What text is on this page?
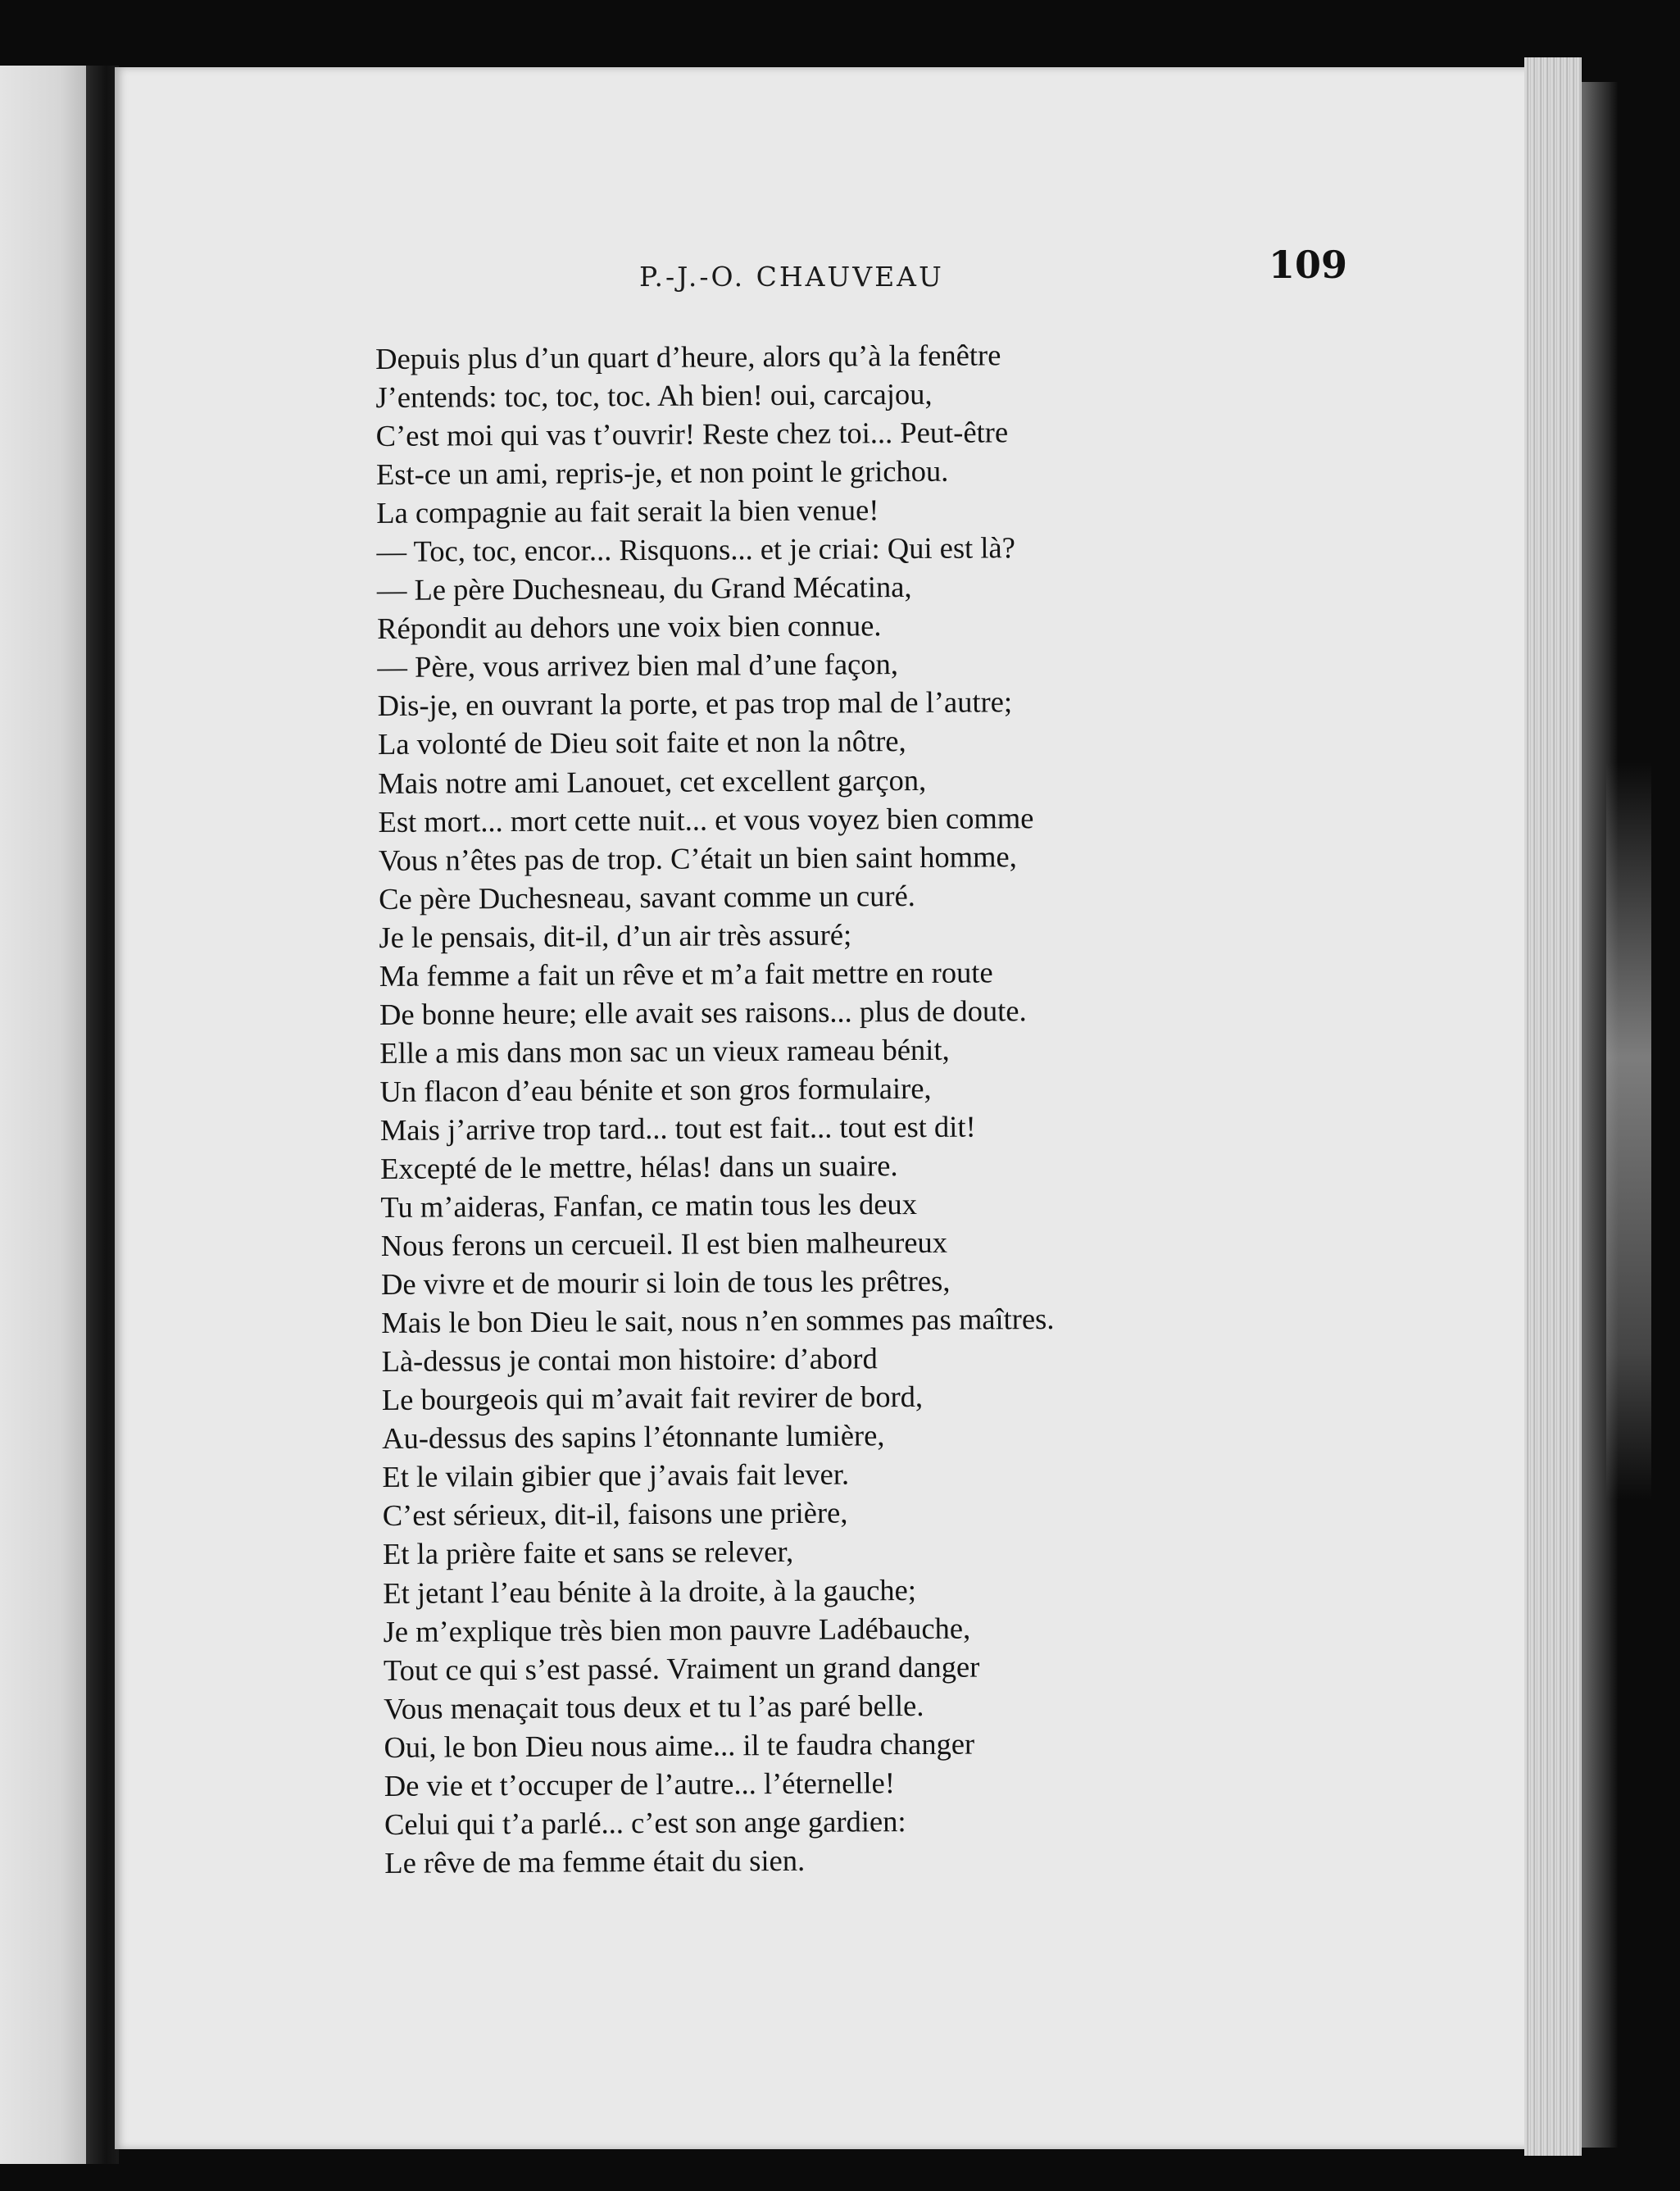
P.-J.-O. CHAUVEAU	109
Depuis plus d’un quart d’heure, alors qu’à la fenêtre
J’entends: toc, toc, toc. Ah bien! oui, carcajou,
C’est moi qui vas t’ouvrir! Reste chez toi... Peut-être
Est-ce un ami, repris-je, et non point le grichou.
La compagnie au fait serait la bien venue!
— Toc, toc, encor... Risquons... et je criai: Qui est là?
— Le père Duchesneau, du Grand Mécatina,
Répondit au dehors une voix bien connue.
— Père, vous arrivez bien mal d’une façon,
Dis-je, en ouvrant la porte, et pas trop mal de l’autre;
La volonté de Dieu soit faite et non la nôtre,
Mais notre ami Lanouet, cet excellent garçon,
Est mort... mort cette nuit... et vous voyez bien comme
Vous n’êtes pas de trop. C’était un bien saint homme,
Ce père Duchesneau, savant comme un curé.
Je le pensais, dit-il, d’un air très assuré;
Ma femme a fait un rêve et m’a fait mettre en route
De bonne heure; elle avait ses raisons... plus de doute.
Elle a mis dans mon sac un vieux rameau bénit,
Un flacon d’eau bénite et son gros formulaire,
Mais j’arrive trop tard... tout est fait... tout est dit!
Excepté de le mettre, hélas! dans un suaire.
Tu m’aideras, Fanfan, ce matin tous les deux
Nous ferons un cercueil. Il est bien malheureux
De vivre et de mourir si loin de tous les prêtres,
Mais le bon Dieu le sait, nous n’en sommes pas maîtres.
Là-dessus je contai mon histoire: d’abord
Le bourgeois qui m’avait fait revirer de bord,
Au-dessus des sapins l’étonnante lumière,
Et le vilain gibier que j’avais fait lever.
C’est sérieux, dit-il, faisons une prière,
Et la prière faite et sans se relever,
Et jetant l’eau bénite à la droite, à la gauche;
Je m’explique très bien mon pauvre Ladébauche,
Tout ce qui s’est passé. Vraiment un grand danger
Vous menaçait tous deux et tu l’as paré belle.
Oui, le bon Dieu nous aime... il te faudra changer
De vie et t’occuper de l’autre... l’éternelle!
Celui qui t’a parlé... c’est son ange gardien:
Le rêve de ma femme était du sien.
